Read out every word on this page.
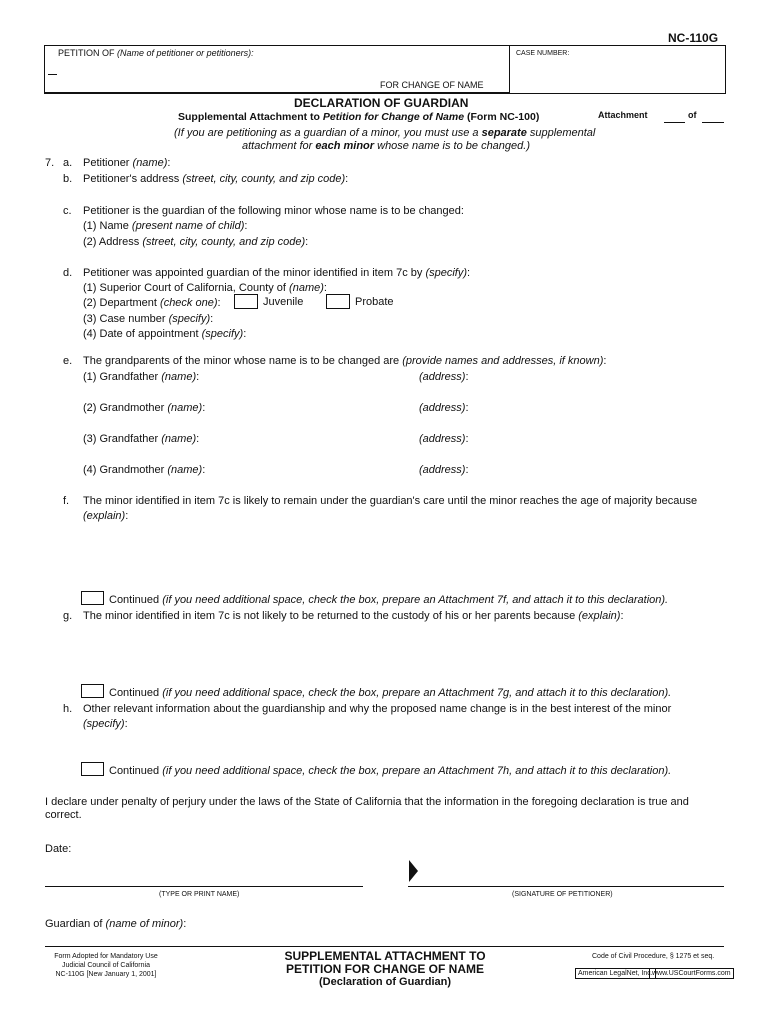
NC-110G
PETITION OF (Name of petitioner or petitioners):	CASE NUMBER:
FOR CHANGE OF NAME
DECLARATION OF GUARDIAN
Supplemental Attachment to Petition for Change of Name (Form NC-100)	Attachment	of
(If you are petitioning as a guardian of a minor, you must use a separate supplemental
attachment for each minor whose name is to be changed.)
7. a. Petitioner (name):
b. Petitioner's address (street, city, county, and zip code):
c. Petitioner is the guardian of the following minor whose name is to be changed:
(1) Name (present name of child):
(2) Address (street, city, county, and zip code):
d. Petitioner was appointed guardian of the minor identified in item 7c by (specify):
(1) Superior Court of California, County of (name):
(2) Department (check one):	Juvenile	Probate
(3) Case number (specify):
(4) Date of appointment (specify):
e. The grandparents of the minor whose name is to be changed are (provide names and addresses, if known):
(1) Grandfather (name):	(address):
(2) Grandmother (name):	(address):
(3) Grandfather (name):	(address):
(4) Grandmother (name):	(address):
f. The minor identified in item 7c is likely to remain under the guardian's care until the minor reaches the age of majority because
(explain):
Continued (if you need additional space, check the box, prepare an Attachment 7f, and attach it to this declaration).
g. The minor identified in item 7c is not likely to be returned to the custody of his or her parents because (explain):
Continued (if you need additional space, check the box, prepare an Attachment 7g, and attach it to this declaration).
h. Other relevant information about the guardianship and why the proposed name change is in the best interest of the minor
(specify):
Continued (if you need additional space, check the box, prepare an Attachment 7h, and attach it to this declaration).
I declare under penalty of perjury under the laws of the State of California that the information in the foregoing declaration is true and
correct.
Date:
(TYPE OR PRINT NAME)	(SIGNATURE OF PETITIONER)
Guardian of (name of minor):
Form Adopted for Mandatory Use
Judicial Council of California
NC-110G [New January 1, 2001]
SUPPLEMENTAL ATTACHMENT TO
PETITION FOR CHANGE OF NAME
(Declaration of Guardian)
Code of Civil Procedure, § 1275 et seq.
American LegalNet, Inc. www.USCourtForms.com
